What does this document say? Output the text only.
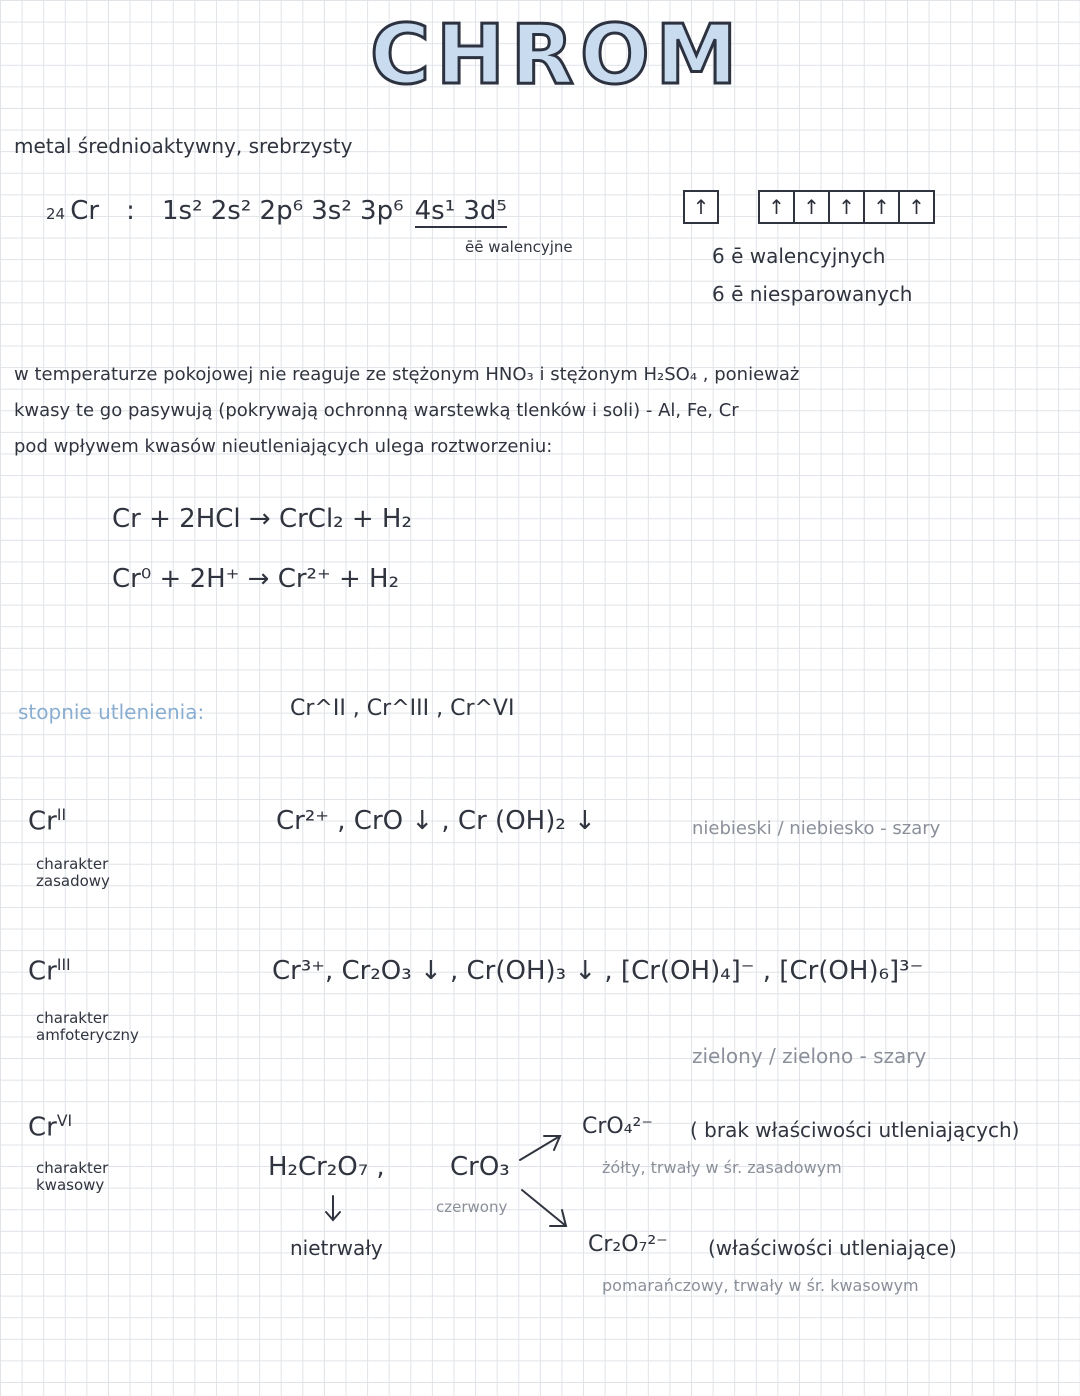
CHROM
metal średnioaktywny, srebrzysty
24 Cr : 1s² 2s² 2p⁶ 3s² 3p⁶ 4s¹ 3d⁵
ēē walencyjne
↑	↑ ↑ ↑ ↑ ↑
6 ē walencyjnych
6 ē niesparowanych
w temperaturze pokojowej nie reaguje ze stężonym HNO₃ i stężonym H₂SO₄ , ponieważ
kwasy te go pasywują (pokrywają ochronną warstewką tlenków i soli) - Al, Fe, Cr
pod wpływem kwasów nieutleniających ulega roztworzeniu:
Cr + 2HCl → CrCl₂ + H₂
Cr⁰ + 2H⁺ → Cr²⁺ + H₂
stopnie utlenienia:	Cr^II , Cr^III , Cr^VI
$Cr^{II}$
charakter
zasadowy
Cr²⁺ , CrO ↓ , Cr (OH)₂ ↓	niebieski / niebiesko - szary
$Cr^{III}$
charakter
amfoteryczny
Cr³⁺, Cr₂O₃ ↓ , Cr(OH)₃ ↓ , [Cr(OH)₄]⁻ , [Cr(OH)₆]³⁻
zielony / zielono - szary
$Cr^{VI}$
charakter
kwasowy
H₂Cr₂O₇ ,	CrO₃
czerwony
nietrwały
CrO₄²⁻ ( brak właściwości utleniających)
żółty, trwały w śr. zasadowym
Cr₂O₇²⁻ (właściwości utleniające)
pomarańczowy, trwały w śr. kwasowym
